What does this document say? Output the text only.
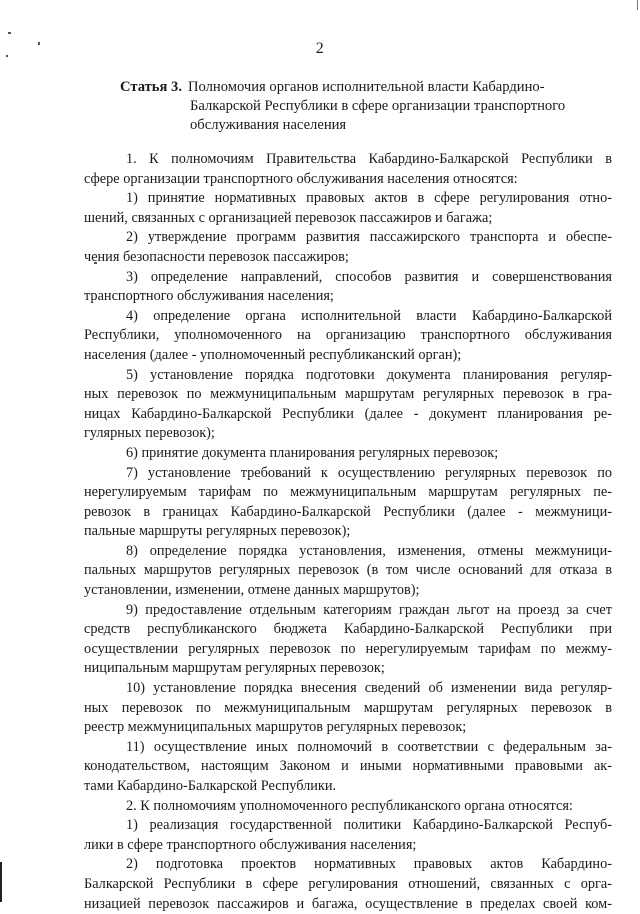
2
Статья 3. Полномочия органов исполнительной власти Кабардино-
Балкарской Республики в сфере организации транспортного
обслуживания населения
1. К полномочиям Правительства Кабардино-Балкарской Республики в
сфере организации транспортного обслуживания населения относятся:
1) принятие нормативных правовых актов в сфере регулирования отно-
шений, связанных с организацией перевозок пассажиров и багажа;
2) утверждение программ развития пассажирского транспорта и обеспе-
чения безопасности перевозок пассажиров;
3) определение направлений, способов развития и совершенствования
транспортного обслуживания населения;
4) определение органа исполнительной власти Кабардино-Балкарской
Республики, уполномоченного на организацию транспортного обслуживания
населения (далее - уполномоченный республиканский орган);
5) установление порядка подготовки документа планирования регуляр-
ных перевозок по межмуниципальным маршрутам регулярных перевозок в гра-
ницах Кабардино-Балкарской Республики (далее - документ планирования ре-
гулярных перевозок);
6) принятие документа планирования регулярных перевозок;
7) установление требований к осуществлению регулярных перевозок по
нерегулируемым тарифам по межмуниципальным маршрутам регулярных пе-
ревозок в границах Кабардино-Балкарской Республики (далее - межмуници-
пальные маршруты регулярных перевозок);
8) определение порядка установления, изменения, отмены межмуници-
пальных маршрутов регулярных перевозок (в том числе оснований для отказа в
установлении, изменении, отмене данных маршрутов);
9) предоставление отдельным категориям граждан льгот на проезд за счет
средств республиканского бюджета Кабардино-Балкарской Республики при
осуществлении регулярных перевозок по нерегулируемым тарифам по межму-
ниципальным маршрутам регулярных перевозок;
10) установление порядка внесения сведений об изменении вида регуляр-
ных перевозок по межмуниципальным маршрутам регулярных перевозок в
реестр межмуниципальных маршрутов регулярных перевозок;
11) осуществление иных полномочий в соответствии с федеральным за-
конодательством, настоящим Законом и иными нормативными правовыми ак-
тами Кабардино-Балкарской Республики.
2. К полномочиям уполномоченного республиканского органа относятся:
1) реализация государственной политики Кабардино-Балкарской Респуб-
лики в сфере транспортного обслуживания населения;
2) подготовка проектов нормативных правовых актов Кабардино-
Балкарской Республики в сфере регулирования отношений, связанных с орга-
низацией перевозок пассажиров и багажа, осуществление в пределах своей ком-
